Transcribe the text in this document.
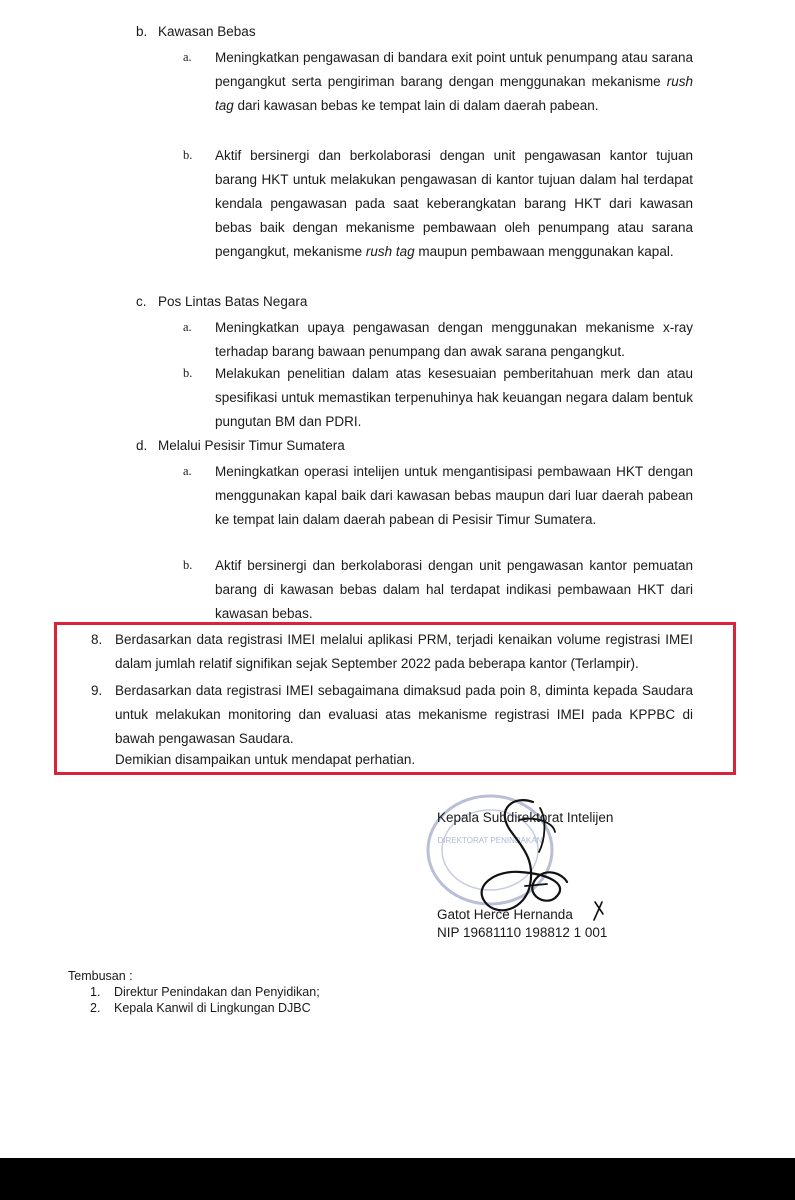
b. Kawasan Bebas
a. Meningkatkan pengawasan di bandara exit point untuk penumpang atau sarana pengangkut serta pengiriman barang dengan menggunakan mekanisme rush tag dari kawasan bebas ke tempat lain di dalam daerah pabean.

b. Aktif bersinergi dan berkolaborasi dengan unit pengawasan kantor tujuan barang HKT untuk melakukan pengawasan di kantor tujuan dalam hal terdapat kendala pengawasan pada saat keberangkatan barang HKT dari kawasan bebas baik dengan mekanisme pembawaan oleh penumpang atau sarana pengangkut, mekanisme rush tag maupun pembawaan menggunakan kapal.

c. Pos Lintas Batas Negara
a. Meningkatkan upaya pengawasan dengan menggunakan mekanisme x-ray terhadap barang bawaan penumpang dan awak sarana pengangkut.

b. Melakukan penelitian dalam atas kesesuaian pemberitahuan merk dan atau spesifikasi untuk memastikan terpenuhinya hak keuangan negara dalam bentuk pungutan BM dan PDRI.

d. Melalui Pesisir Timur Sumatera
a. Meningkatkan operasi intelijen untuk mengantisipasi pembawaan HKT dengan menggunakan kapal baik dari kawasan bebas maupun dari luar daerah pabean ke tempat lain dalam daerah pabean di Pesisir Timur Sumatera.

b. Aktif bersinergi dan berkolaborasi dengan unit pengawasan kantor pemuatan barang di kawasan bebas dalam hal terdapat indikasi pembawaan HKT dari kawasan bebas.

8. Berdasarkan data registrasi IMEI melalui aplikasi PRM, terjadi kenaikan volume registrasi IMEI dalam jumlah relatif signifikan sejak September 2022 pada beberapa kantor (Terlampir).

9. Berdasarkan data registrasi IMEI sebagaimana dimaksud pada poin 8, diminta kepada Saudara untuk melakukan monitoring dan evaluasi atas mekanisme registrasi IMEI pada KPPBC di bawah pengawasan Saudara.

Demikian disampaikan untuk mendapat perhatian.
DIREKTORAT PENINDAKAN
Kepala Subdirektorat Intelijen
Gatot Herce Hernanda
NIP 19681110 198812 1 001
Tembusan :
1. Direktur Penindakan dan Penyidikan;
2. Kepala Kanwil di Lingkungan DJBC
